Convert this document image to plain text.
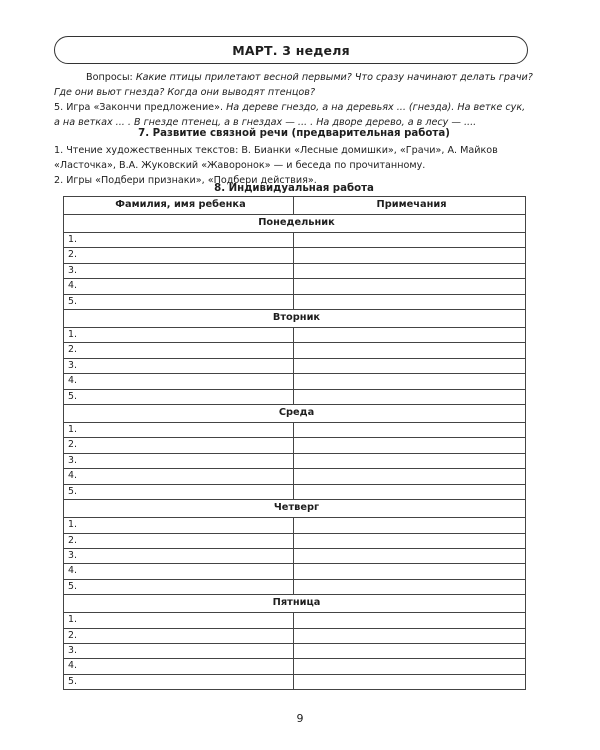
МАРТ. 3 неделя
Вопросы: Какие птицы прилетают весной первыми? Что сразу начинают делать грачи? Где они вьют гнезда? Когда они выводят птенцов?
5. Игра «Закончи предложение». На дереве гнездо, а на деревьях ... (гнезда). На ветке сук, а на ветках ... . В гнезде птенец, а в гнездах — ... . На дворе дерево, а в лесу — ....
7. Развитие связной речи (предварительная работа)
1. Чтение художественных текстов: В. Бианки «Лесные домишки», «Грачи», А. Майков «Ласточка», В.А. Жуковский «Жаворонок» — и беседа по прочитанному.
2. Игры «Подбери признаки», «Подбери действия».
8. Индивидуальная работа
Фамилия, имя ребенка	Примечания
Понедельник	
1.	
2.	
3.	
4.	
5.	
Вторник	
1.	
2.	
3.	
4.	
5.	
Среда	
1.	
2.	
3.	
4.	
5.	
Четверг	
1.	
2.	
3.	
4.	
5.	
Пятница	
1.	
2.	
3.	
4.	
5.	
9
